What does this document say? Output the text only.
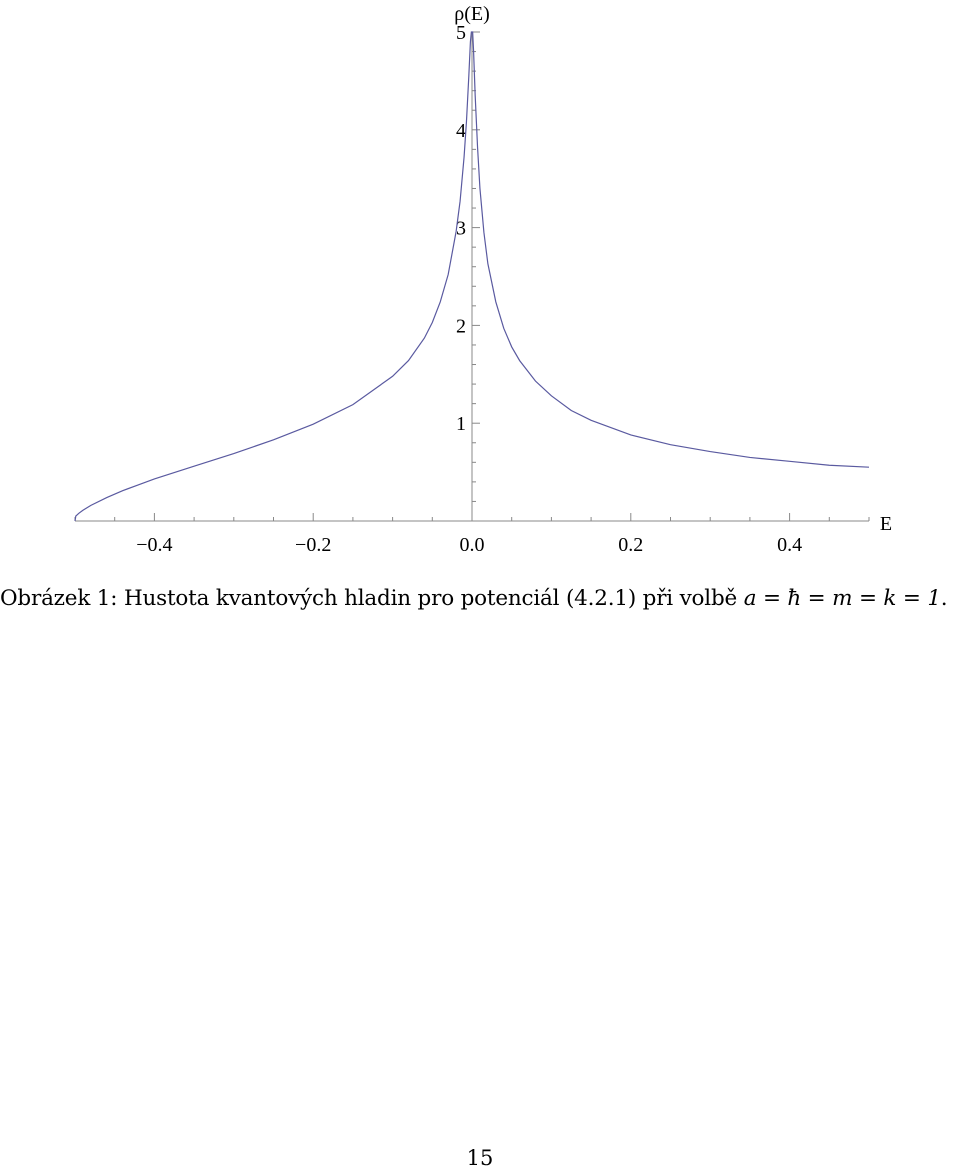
−0.4	−0.2	0.0	0.2	0.4
1
2
3
4
5
ρ(E)
E
Obrázek 1: Hustota kvantových hladin pro potenciál (4.2.1) při volbě a = ħ = m = k = 1.
15
